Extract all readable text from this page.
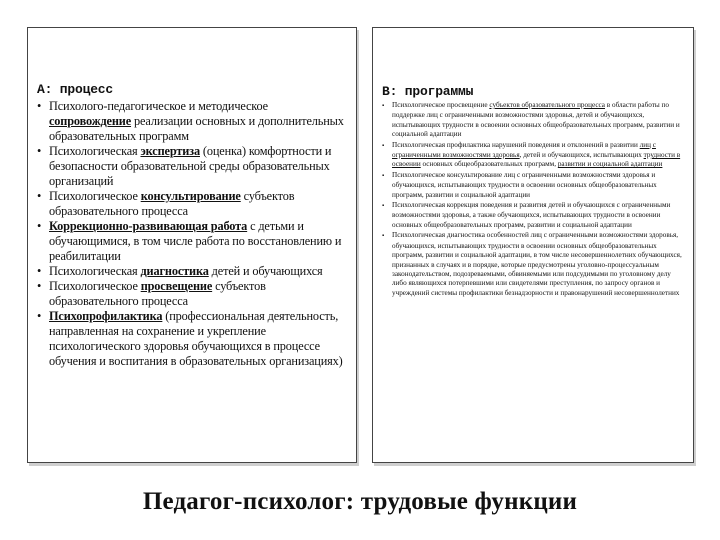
A: процесс
• Психолого-педагогическое и методическое сопровождение реализации основных и дополнительных образовательных программ
• Психологическая экспертиза (оценка) комфортности и безопасности образовательной среды образовательных организаций
• Психологическое консультирование субъектов образовательного процесса
• Коррекционно-развивающая работа с детьми и обучающимися, в том числе работа по восстановлению и реабилитации
• Психологическая диагностика детей и обучающихся
• Психологическое просвещение субъектов образовательного процесса
• Психопрофилактика (профессиональная деятельность, направленная на сохранение и укрепление психологического здоровья обучающихся в процессе обучения и воспитания в образовательных организациях)
B: программы
▪ Психологическое просвещение субъектов образовательного процесса в области работы по поддержке лиц с ограниченными возможностями здоровья, детей и обучающихся, испытывающих трудности в освоении основных общеобразовательных программ, развитии и социальной адаптации
▪ Психологическая профилактика нарушений поведения и отклонений в развитии лиц с ограниченными возможностями здоровья, детей и обучающихся, испытывающих трудности в освоении основных общеобразовательных программ, развитии и социальной адаптации
▪ Психологическое консультирование лиц с ограниченными возможностями здоровья и обучающихся, испытывающих трудности в освоении основных общеобразовательных программ, развитии и социальной адаптации
▪ Психологическая коррекция поведения и развития детей и обучающихся с ограниченными возможностями здоровья, а также обучающихся, испытывающих трудности в освоении основных общеобразовательных программ, развитии и социальной адаптации
▪ Психологическая диагностика особенностей лиц с ограниченными возможностями здоровья, обучающихся, испытывающих трудности в освоении основных общеобразовательных программ, развитии и социальной адаптации, в том числе несовершеннолетних обучающихся, признанных в случаях и в порядке, которые предусмотрены уголовно-процессуальным законодательством, подозреваемыми, обвиняемыми или подсудимыми по уголовному делу либо являющихся потерпевшими или свидетелями преступления, по запросу органов и учреждений системы профилактики безнадзорности и правонарушений несовершеннолетних
Педагог-психолог: трудовые функции
